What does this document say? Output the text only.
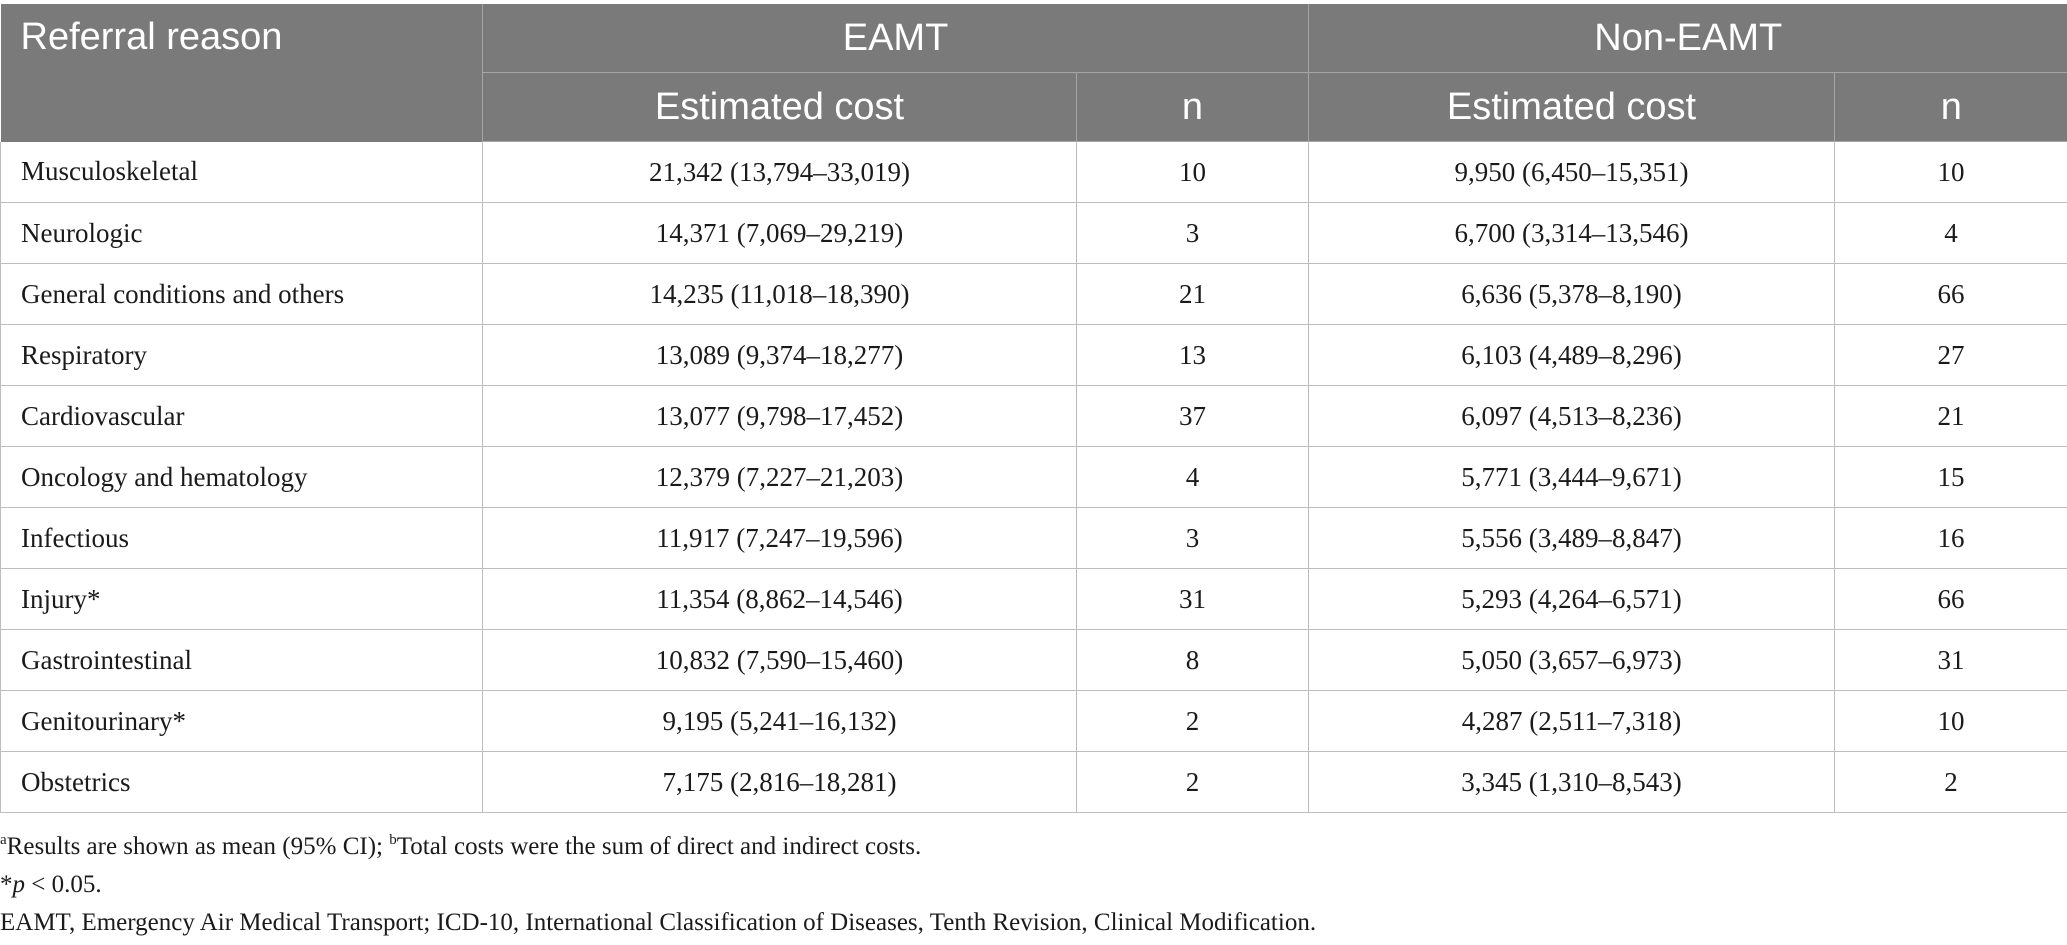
Referral reason	EAMT		Non-EAMT	
	Estimated cost	n	Estimated cost	n
Musculoskeletal	21,342 (13,794–33,019)	10	9,950 (6,450–15,351)	10
Neurologic	14,371 (7,069–29,219)	3	6,700 (3,314–13,546)	4
General conditions and others	14,235 (11,018–18,390)	21	6,636 (5,378–8,190)	66
Respiratory	13,089 (9,374–18,277)	13	6,103 (4,489–8,296)	27
Cardiovascular	13,077 (9,798–17,452)	37	6,097 (4,513–8,236)	21
Oncology and hematology	12,379 (7,227–21,203)	4	5,771 (3,444–9,671)	15
Infectious	11,917 (7,247–19,596)	3	5,556 (3,489–8,847)	16
Injury*	11,354 (8,862–14,546)	31	5,293 (4,264–6,571)	66
Gastrointestinal	10,832 (7,590–15,460)	8	5,050 (3,657–6,973)	31
Genitourinary*	9,195 (5,241–16,132)	2	4,287 (2,511–7,318)	10
Obstetrics	7,175 (2,816–18,281)	2	3,345 (1,310–8,543)	2

$^a$Results are shown as mean (95% CI); $^b$Total costs were the sum of direct and indirect costs.

*p < 0.05.

EAMT, Emergency Air Medical Transport; ICD-10, International Classification of Diseases, Tenth Revision, Clinical Modification.
